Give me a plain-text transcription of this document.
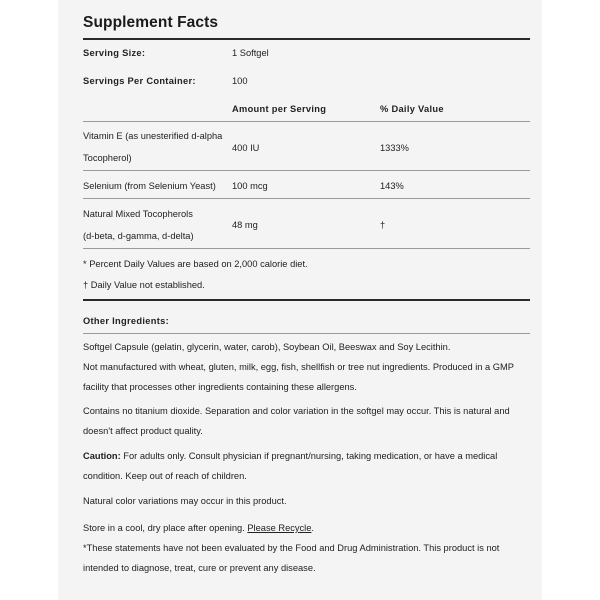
Supplement Facts
Serving Size:	1 Softgel
Servings Per Container:	100
Amount per Serving	% Daily Value
Vitamin E (as unesterified d-alpha
Tocopherol)
400 IU	1333%
Selenium (from Selenium Yeast) 100 mcg	143%
Natural Mixed Tocopherols
(d-beta, d-gamma, d-delta)
48 mg	†
* Percent Daily Values are based on 2,000 calorie diet.
† Daily Value not established.
Other Ingredients:
Softgel Capsule (gelatin, glycerin, water, carob), Soybean Oil, Beeswax and Soy Lecithin.
Not manufactured with wheat, gluten, milk, egg, fish, shellfish or tree nut ingredients. Produced in a GMP facility that processes other ingredients containing these allergens.
Contains no titanium dioxide. Separation and color variation in the softgel may occur. This is natural and doesn't affect product quality.
Caution: For adults only. Consult physician if pregnant/nursing, taking medication, or have a medical condition. Keep out of reach of children.
Natural color variations may occur in this product.
Store in a cool, dry place after opening. Please Recycle.
*These statements have not been evaluated by the Food and Drug Administration. This product is not intended to diagnose, treat, cure or prevent any disease.
